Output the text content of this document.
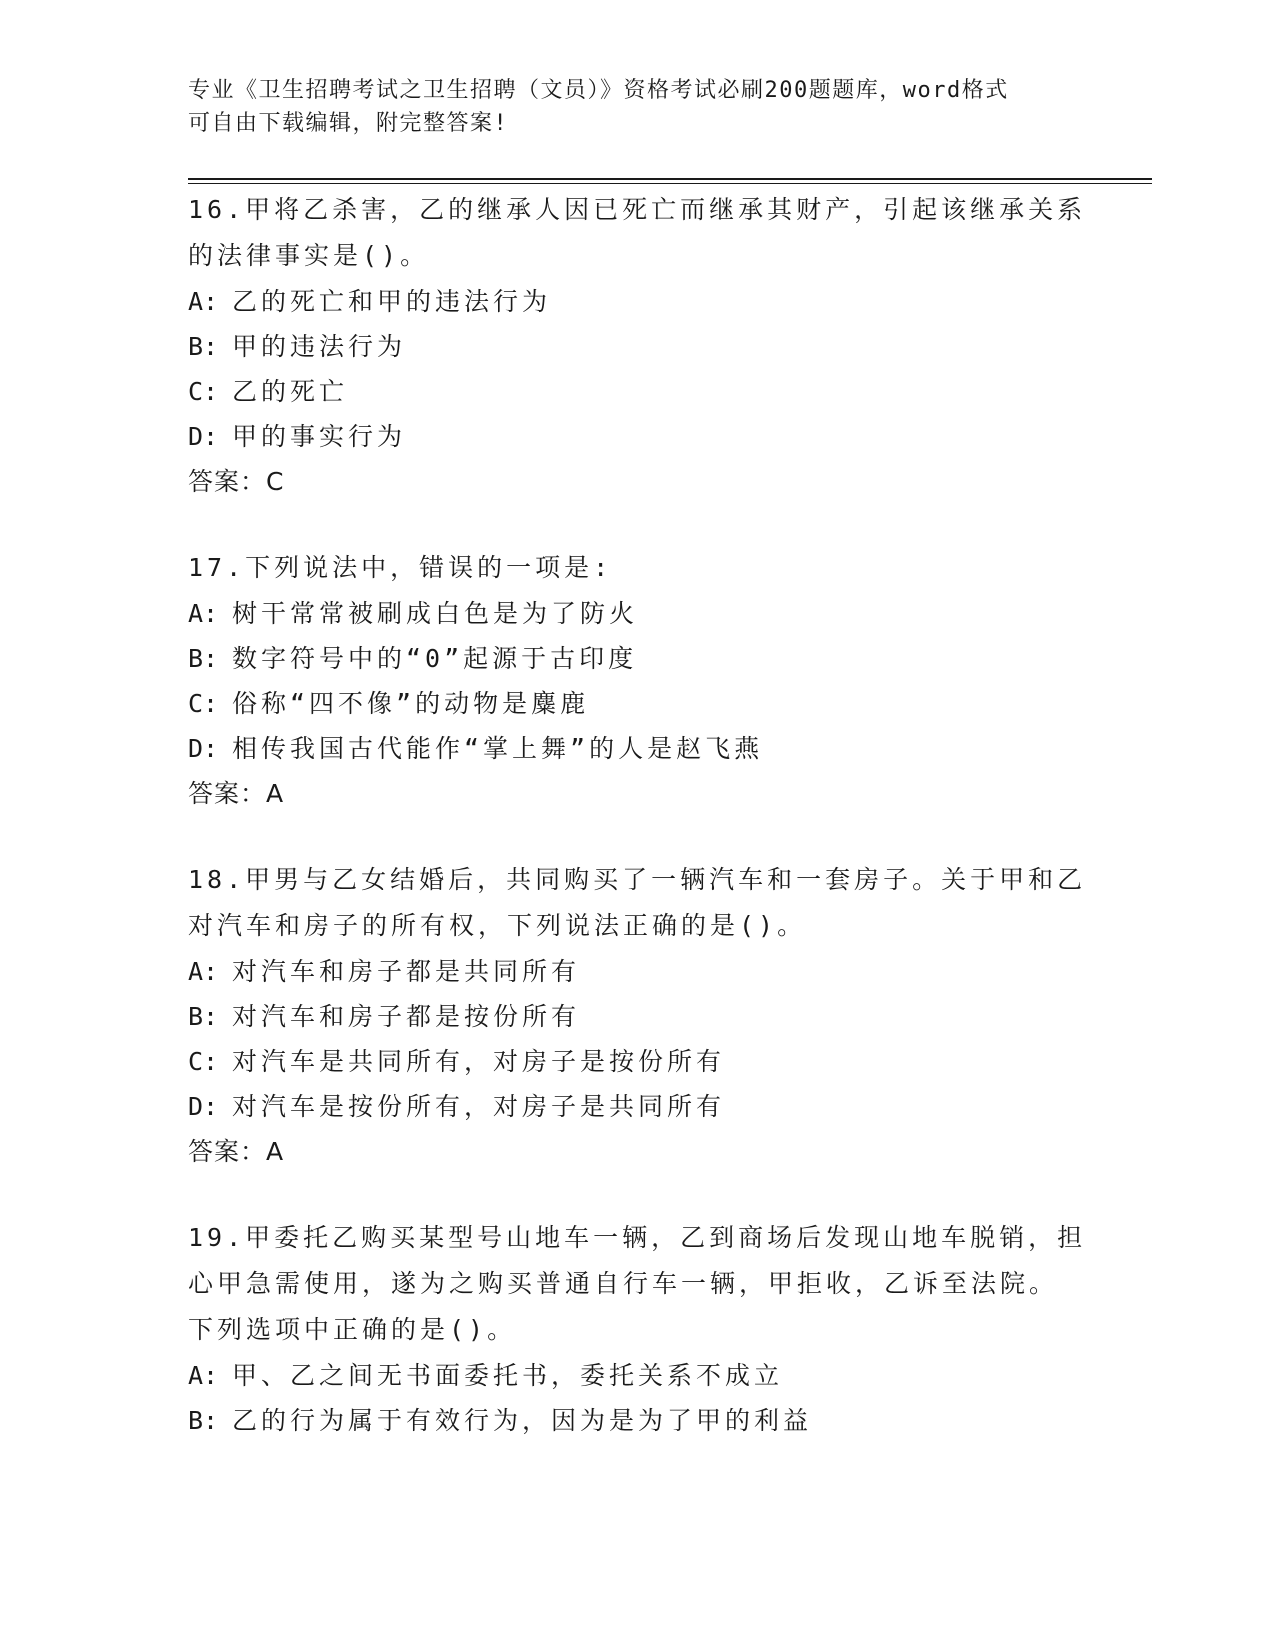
专业《卫生招聘考试之卫生招聘（文员）》资格考试必刷200题题库，word格式
可自由下载编辑，附完整答案!
16.甲将乙杀害，乙的继承人因已死亡而继承其财产，引起该继承关系
的法律事实是()。
A: 乙的死亡和甲的违法行为
B: 甲的违法行为
C: 乙的死亡
D: 甲的事实行为
答案：C
17.下列说法中，错误的一项是:
A: 树干常常被刷成白色是为了防火
B: 数字符号中的“0”起源于古印度
C: 俗称“四不像”的动物是麋鹿
D: 相传我国古代能作“掌上舞”的人是赵飞燕
答案：A
18.甲男与乙女结婚后，共同购买了一辆汽车和一套房子。关于甲和乙
对汽车和房子的所有权，下列说法正确的是()。
A: 对汽车和房子都是共同所有
B: 对汽车和房子都是按份所有
C: 对汽车是共同所有，对房子是按份所有
D: 对汽车是按份所有，对房子是共同所有
答案：A
19.甲委托乙购买某型号山地车一辆，乙到商场后发现山地车脱销，担
心甲急需使用，遂为之购买普通自行车一辆，甲拒收，乙诉至法院。
下列选项中正确的是()。
A: 甲、乙之间无书面委托书，委托关系不成立
B: 乙的行为属于有效行为，因为是为了甲的利益
